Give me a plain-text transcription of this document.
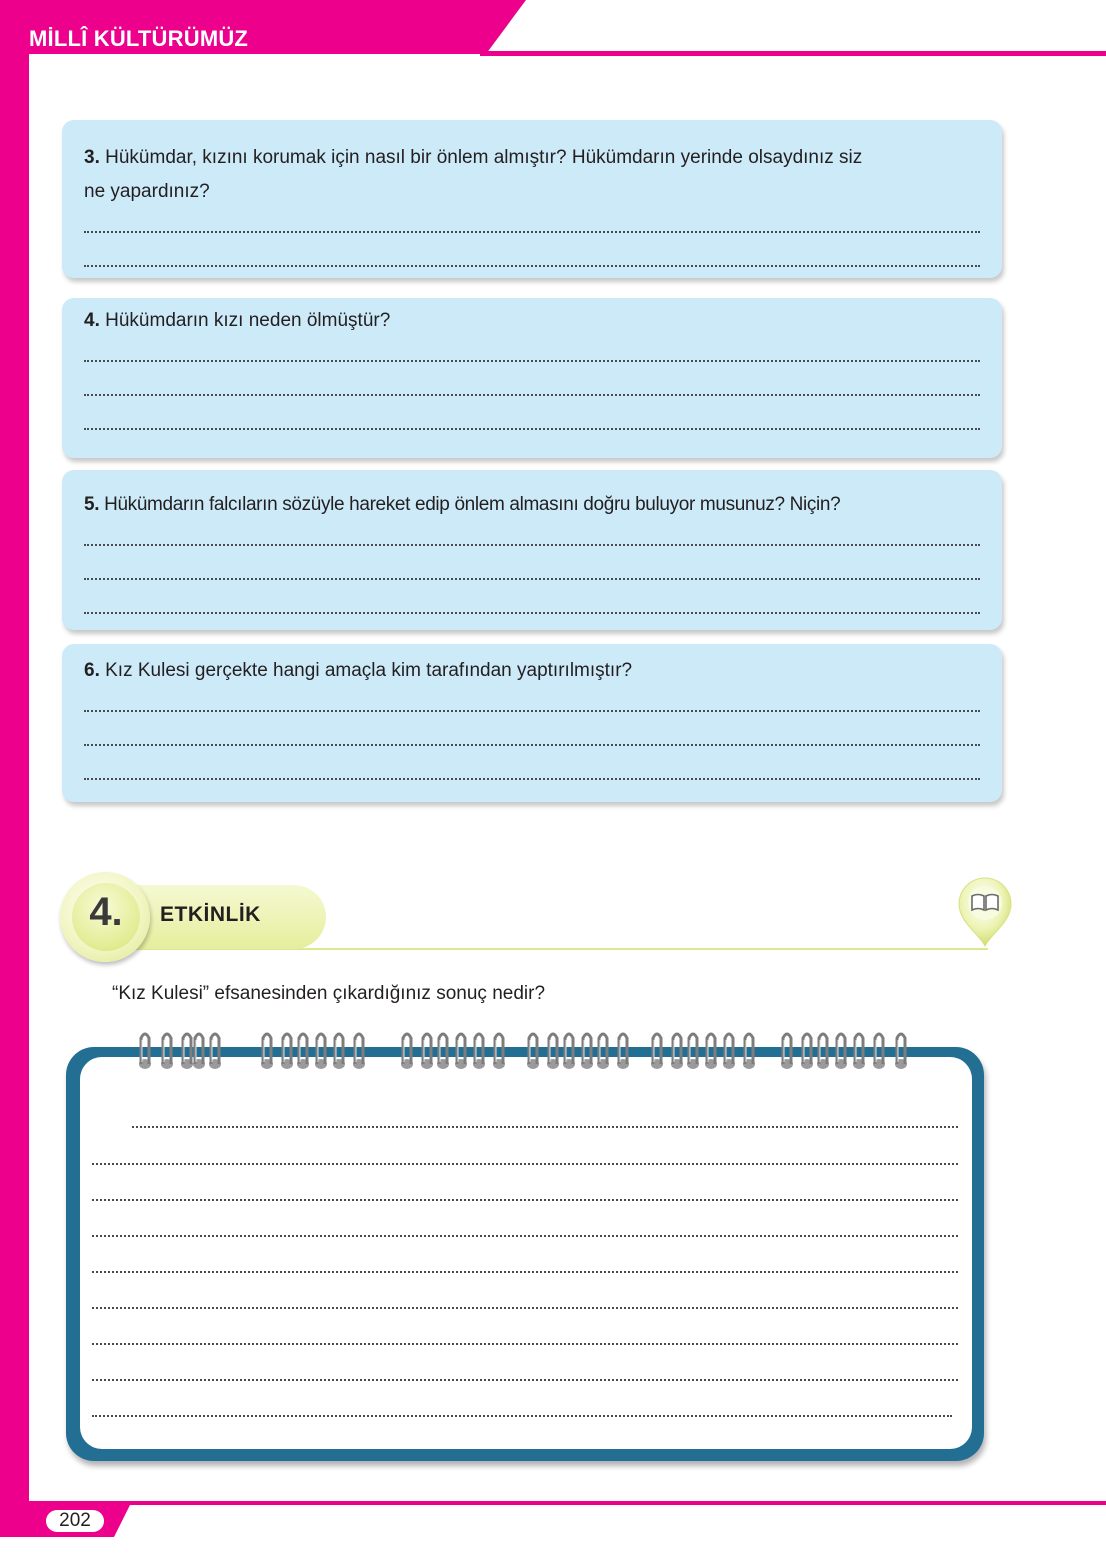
MİLLÎ KÜLTÜRÜMÜZ
3. Hükümdar, kızını korumak için nasıl bir önlem almıştır? Hükümdarın yerinde olsaydınız siz
ne yapardınız?
4. Hükümdarın kızı neden ölmüştür?
5. Hükümdarın falcıların sözüyle hareket edip önlem almasını doğru buluyor musunuz? Niçin?
6. Kız Kulesi gerçekte hangi amaçla kim tarafından yaptırılmıştır?
4.	ETKİNLİK
“Kız Kulesi” efsanesinden çıkardığınız sonuç nedir?
202
